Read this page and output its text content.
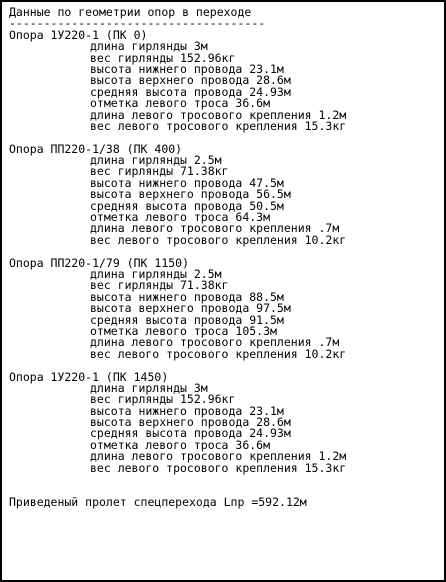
Данные по геометрии опор в переходе
-------------------------------------
Опора 1У220-1 (ПК 0)
длина гирлянды 3м
вес гирлянды 152.96кг
высота нижнего провода 23.1м
высота верхнего провода 28.6м
средняя высота провода 24.93м
отметка левого троса 36.6м
длина левого тросового крепления 1.2м
вес левого тросового крепления 15.3кг
Опора ПП220-1/38 (ПК 400)
длина гирлянды 2.5м
вес гирлянды 71.38кг
высота нижнего провода 47.5м
высота верхнего провода 56.5м
средняя высота провода 50.5м
отметка левого троса 64.3м
длина левого тросового крепления .7м
вес левого тросового крепления 10.2кг
Опора ПП220-1/79 (ПК 1150)
длина гирлянды 2.5м
вес гирлянды 71.38кг
высота нижнего провода 88.5м
высота верхнего провода 97.5м
средняя высота провода 91.5м
отметка левого троса 105.3м
длина левого тросового крепления .7м
вес левого тросового крепления 10.2кг
Опора 1У220-1 (ПК 1450)
длина гирлянды 3м
вес гирлянды 152.96кг
высота нижнего провода 23.1м
высота верхнего провода 28.6м
средняя высота провода 24.93м
отметка левого троса 36.6м
длина левого тросового крепления 1.2м
вес левого тросового крепления 15.3кг
Приведеный пролет спецперехода Lпр =592.12м
